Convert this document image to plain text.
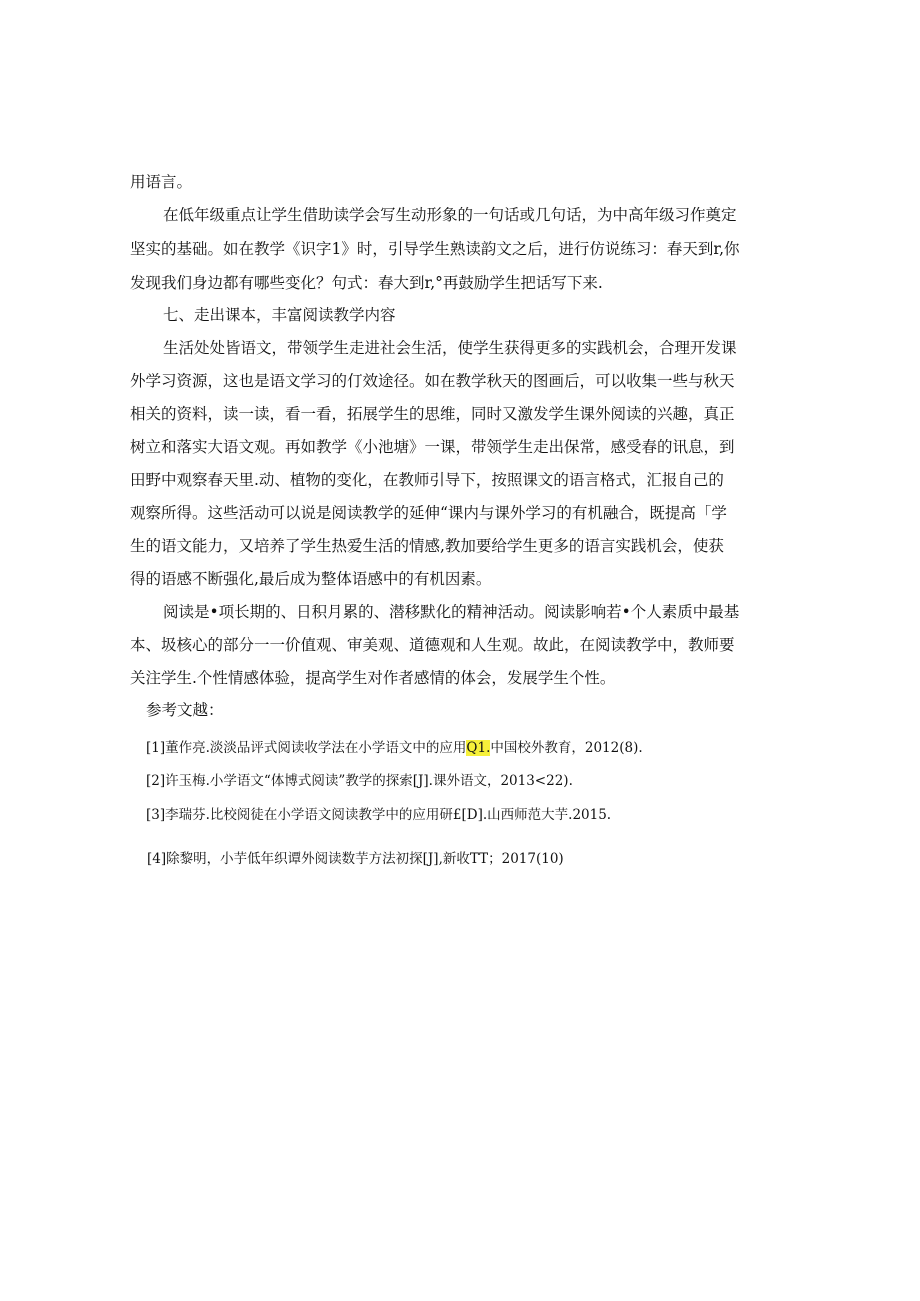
用语言。
在低年级重点让学生借助读学会写生动形象的一句话或几句话，为中高年级习作奠定
坚实的基础。如在教学《识字1》时，引导学生熟读韵文之后，进行仿说练习：春天到r,你
发现我们身边都有哪些变化？句式：春大到r,°再鼓励学生把话写下来.
七、走出课本，丰富阅读教学内容
生活处处皆语文，带领学生走进社会生活，使学生获得更多的实践机会，合理开发课
外学习资源，这也是语文学习的仃效途径。如在教学秋天的图画后，可以收集一些与秋天
相关的资料，读一读，看一看，拓展学生的思维，同时又激发学生课外阅读的兴趣，真正
树立和落实大语文观。再如教学《小池塘》一课，带领学生走出保常，感受春的讯息，到
田野中观察春天里.动、植物的变化，在教师引导下，按照课文的语言格式，汇报自己的
观察所得。这些活动可以说是阅读教学的延伸“课内与课外学习的有机融合，既提高「学
生的语文能力，又培养了学生热爱生活的情感,教加要给学生更多的语言实践机会，使获
得的语感不断强化,最后成为整体语感中的有机因素。
阅读是•项长期的、日积月累的、潜移默化的精神活动。阅读影响若•个人素质中最基
本、圾核心的部分一一价值观、审美观、道德观和人生观。故此，在阅读教学中，教师要
关注学生.个性情感体验，提高学生对作者感情的体会，发展学生个性。
参考文越：
[1]董作亮.淡淡品评式阅读收学法在小学语文中的应用Q1.中国校外教育，2012(8).
[2]许玉梅.小学语文“体博式阅读”教学的探索[J].课外语文，2013<22).
[3]李瑞芬.比校阅徒在小学语文阅读教学中的应用研£[D].山西师范大芋.2015.
[4]除黎明，小芋低年织谭外阅读数芋方法初探[J],新收TT；2017(10)
